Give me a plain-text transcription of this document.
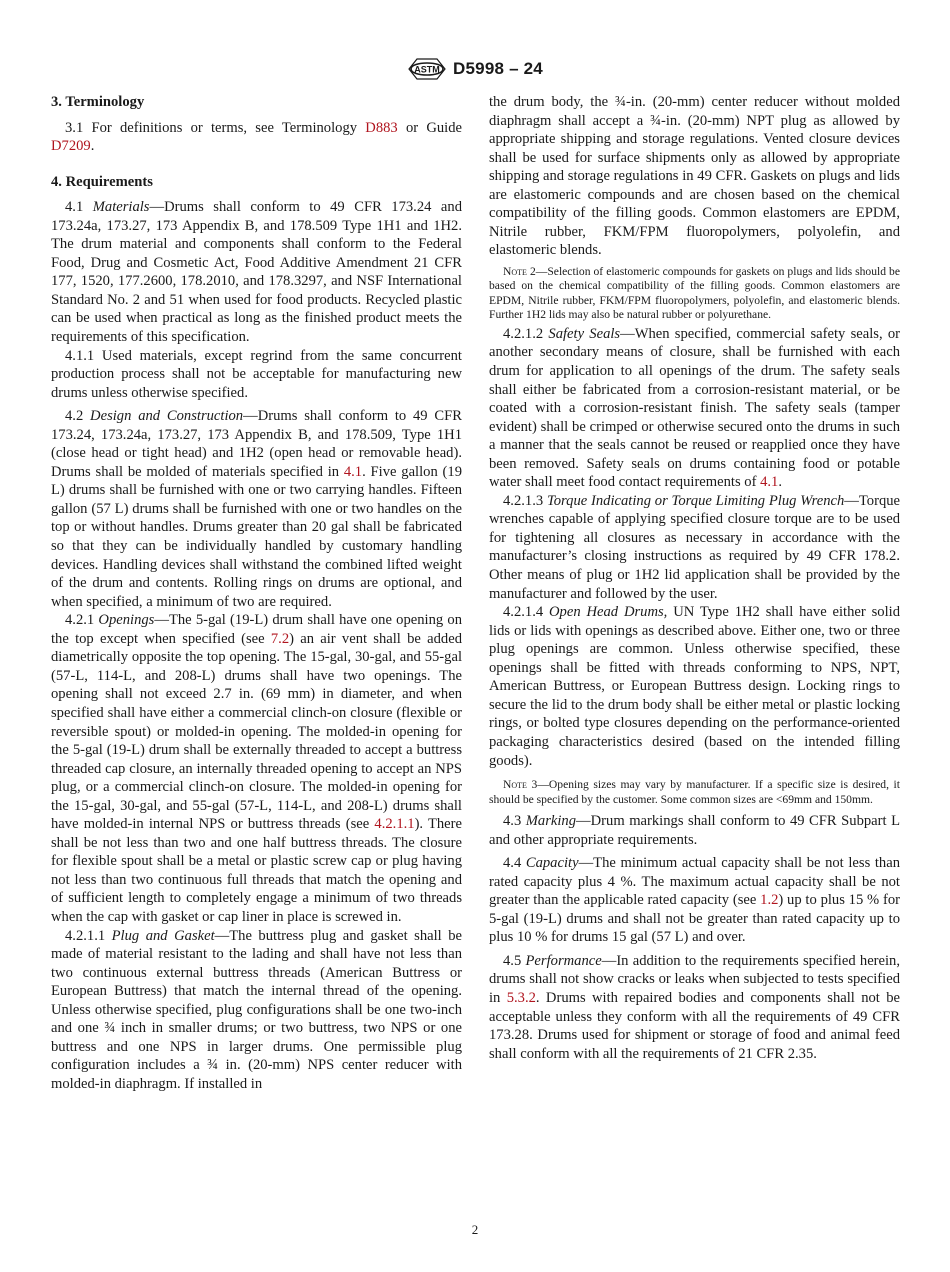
ASTM D5998 – 24
3. Terminology

3.1 For definitions or terms, see Terminology D883 or Guide D7209.

4. Requirements

4.1 Materials—Drums shall conform to 49 CFR 173.24 and 173.24a, 173.27, 173 Appendix B, and 178.509 Type 1H1 and 1H2. The drum material and components shall conform to the Federal Food, Drug and Cosmetic Act, Food Additive Amendment 21 CFR 177, 1520, 177.2600, 178.2010, and 178.3297, and NSF International Standard No. 2 and 51 when used for food products. Recycled plastic can be used when practical as long as the finished product meets the requirements of this specification.

4.1.1 Used materials, except regrind from the same concurrent production process shall not be acceptable for manufacturing new drums unless otherwise specified.

4.2 Design and Construction—Drums shall conform to 49 CFR 173.24, 173.24a, 173.27, 173 Appendix B, and 178.509, Type 1H1 (close head or tight head) and 1H2 (open head or removable head). Drums shall be molded of materials specified in 4.1. Five gallon (19 L) drums shall be furnished with one or two carrying handles. Fifteen gallon (57 L) drums shall be furnished with one or two handles on the top or without handles. Drums greater than 20 gal shall be fabricated so that they can be individually handled by customary handling devices. Handling devices shall withstand the combined lifted weight of the drum and contents. Rolling rings on drums are optional, and when specified, a minimum of two are required.

4.2.1 Openings—The 5-gal (19-L) drum shall have one opening on the top except when specified (see 7.2) an air vent shall be added diametrically opposite the top opening. The 15-gal, 30-gal, and 55-gal (57-L, 114-L, and 208-L) drums shall have two openings. The opening shall not exceed 2.7 in. (69 mm) in diameter, and when specified shall have either a commercial clinch-on closure (flexible or reversible spout) or molded-in opening. The molded-in opening for the 5-gal (19-L) drum shall be externally threaded to accept a buttress threaded cap closure, an internally threaded opening to accept an NPS plug, or a commercial clinch-on closure. The molded-in opening for the 15-gal, 30-gal, and 55-gal (57-L, 114-L, and 208-L) drums shall have molded-in internal NPS or buttress threads (see 4.2.1.1). There shall be not less than two and one half buttress threads. The closure for flexible spout shall be a metal or plastic screw cap or plug having not less than two continuous full threads that match the opening and of sufficient length to completely engage a minimum of two threads when the cap with gasket or cap liner in place is screwed in.

4.2.1.1 Plug and Gasket—The buttress plug and gasket shall be made of material resistant to the lading and shall have not less than two continuous external buttress threads (American Buttress or European Buttress) that match the internal thread of the opening. Unless otherwise specified, plug configurations shall be one two-inch and one ¾ inch in smaller drums; or two buttress, two NPS or one buttress and one NPS in larger drums. One permissible plug configuration includes a ¾ in. (20-mm) NPS center reducer with molded-in diaphragm. If installed in

the drum body, the ¾-in. (20-mm) center reducer without molded diaphragm shall accept a ¾-in. (20-mm) NPT plug as allowed by appropriate shipping and storage regulations. Vented closure devices shall be used for surface shipments only as allowed by appropriate shipping and storage regulations in 49 CFR. Gaskets on plugs and lids are elastomeric compounds and are chosen based on the chemical compatibility of the filling goods. Common elastomers are EPDM, Nitrile rubber, FKM/FPM fluoropolymers, polyolefin, and elastomeric blends.

Note 2—Selection of elastomeric compounds for gaskets on plugs and lids should be based on the chemical compatibility of the filling goods. Common elastomers are EPDM, Nitrile rubber, FKM/FPM fluoropolymers, polyolefin, and elastomeric blends. Further 1H2 lids may also be natural rubber or polyurethane.

4.2.1.2 Safety Seals—When specified, commercial safety seals, or another secondary means of closure, shall be furnished with each drum for application to all openings of the drum. The safety seals shall either be fabricated from a corrosion-resistant material, or be coated with a corrosion-resistant finish. The safety seals (tamper evident) shall be crimped or otherwise secured onto the drums in such a manner that the seals cannot be reused or reapplied once they have been removed. Safety seals on drums containing food or potable water shall meet food contact requirements of 4.1.

4.2.1.3 Torque Indicating or Torque Limiting Plug Wrench—Torque wrenches capable of applying specified closure torque are to be used for tightening all closures as necessary in accordance with the manufacturer’s closing instructions as required by 49 CFR 178.2. Other means of plug or 1H2 lid application shall be provided by the manufacturer and followed by the user.

4.2.1.4 Open Head Drums, UN Type 1H2 shall have either solid lids or lids with openings as described above. Either one, two or three plug openings are common. Unless otherwise specified, these openings shall be fitted with threads conforming to NPS, NPT, American Buttress, or European Buttress design. Locking rings to secure the lid to the drum body shall be either metal or plastic locking rings, or bolted type closures depending on the performance-oriented packaging characteristics desired (based on the intended filling goods).

Note 3—Opening sizes may vary by manufacturer. If a specific size is desired, it should be specified by the customer. Some common sizes are <69mm and 150mm.

4.3 Marking—Drum markings shall conform to 49 CFR Subpart L and other appropriate requirements.

4.4 Capacity—The minimum actual capacity shall be not less than rated capacity plus 4 %. The maximum actual capacity shall be not greater than the applicable rated capacity (see 1.2) up to plus 15 % for 5-gal (19-L) drums and shall not be greater than rated capacity up to plus 10 % for drums 15 gal (57 L) and over.

4.5 Performance—In addition to the requirements specified herein, drums shall not show cracks or leaks when subjected to tests specified in 5.3.2. Drums with repaired bodies and components shall not be acceptable unless they conform with all the requirements of 49 CFR 173.28. Drums used for shipment or storage of food and animal feed shall conform with all the requirements of 21 CFR 2.35.

2
